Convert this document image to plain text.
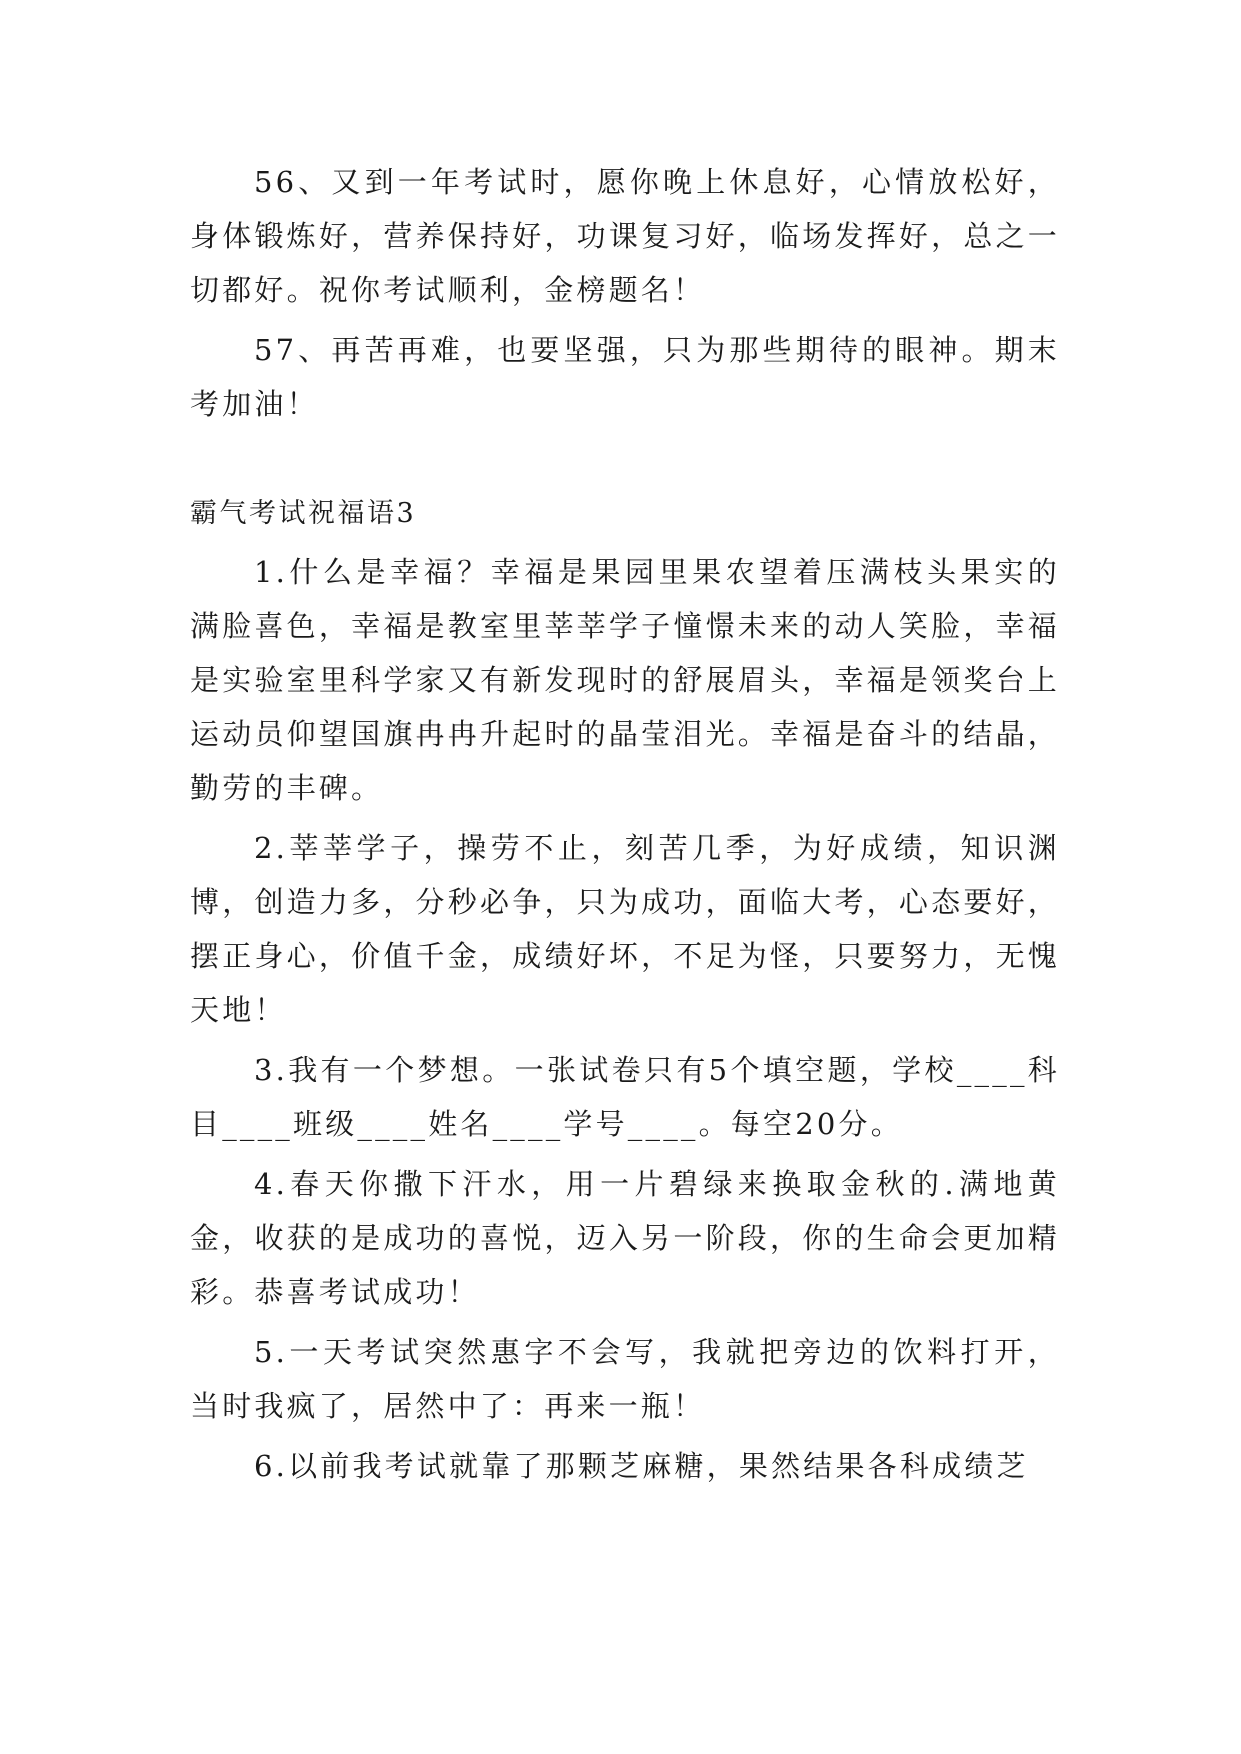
56、又到一年考试时，愿你晚上休息好，心情放松好，身体锻炼好，营养保持好，功课复习好，临场发挥好，总之一切都好。祝你考试顺利，金榜题名！

57、再苦再难，也要坚强，只为那些期待的眼神。期末考加油！

霸气考试祝福语3

1.什么是幸福？幸福是果园里果农望着压满枝头果实的满脸喜色，幸福是教室里莘莘学子憧憬未来的动人笑脸，幸福是实验室里科学家又有新发现时的舒展眉头，幸福是领奖台上运动员仰望国旗冉冉升起时的晶莹泪光。幸福是奋斗的结晶，勤劳的丰碑。

2.莘莘学子，操劳不止，刻苦几季，为好成绩，知识渊博，创造力多，分秒必争，只为成功，面临大考，心态要好，摆正身心，价值千金，成绩好坏，不足为怪，只要努力，无愧天地！

3.我有一个梦想。一张试卷只有5个填空题，学校____科目____班级____姓名____学号____。每空20分。

4.春天你撒下汗水，用一片碧绿来换取金秋的.满地黄金，收获的是成功的喜悦，迈入另一阶段，你的生命会更加精彩。恭喜考试成功！

5.一天考试突然惠字不会写，我就把旁边的饮料打开，当时我疯了，居然中了：再来一瓶！

6.以前我考试就靠了那颗芝麻糖，果然结果各科成绩芝
